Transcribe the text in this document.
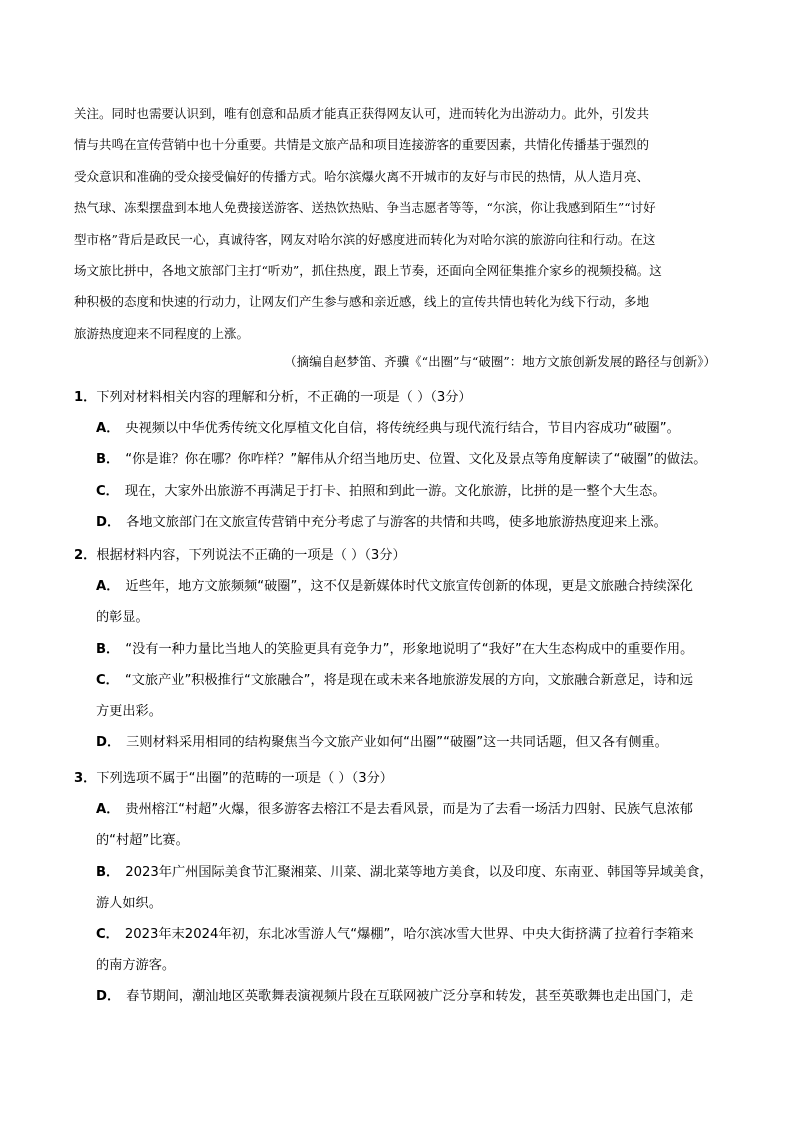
关注。同时也需要认识到，唯有创意和品质才能真正获得网友认可，进而转化为出游动力。此外，引发共
情与共鸣在宣传营销中也十分重要。共情是文旅产品和项目连接游客的重要因素，共情化传播基于强烈的
受众意识和准确的受众接受偏好的传播方式。哈尔滨爆火离不开城市的友好与市民的热情，从人造月亮、
热气球、冻梨摆盘到本地人免费接送游客、送热饮热贴、争当志愿者等等，“尔滨，你让我感到陌生”“讨好
型市格”背后是政民一心，真诚待客，网友对哈尔滨的好感度进而转化为对哈尔滨的旅游向往和行动。在这
场文旅比拼中，各地文旅部门主打“听劝”，抓住热度，跟上节奏，还面向全网征集推介家乡的视频投稿。这
种积极的态度和快速的行动力，让网友们产生参与感和亲近感，线上的宣传共情也转化为线下行动，多地
旅游热度迎来不同程度的上涨。
（摘编自赵梦笛、齐骥《“出圈”与“破圈”：地方文旅创新发展的路径与创新》）
1．下列对材料相关内容的理解和分析，不正确的一项是（ ）（3分）
A． 央视频以中华优秀传统文化厚植文化自信，将传统经典与现代流行结合，节目内容成功“破圈”。
B． “你是谁？你在哪？你咋样？”解伟从介绍当地历史、位置、文化及景点等角度解读了“破圈”的做法。
C． 现在，大家外出旅游不再满足于打卡、拍照和到此一游。文化旅游，比拼的是一整个大生态。
D． 各地文旅部门在文旅宣传营销中充分考虑了与游客的共情和共鸣，使多地旅游热度迎来上涨。
2．根据材料内容，下列说法不正确的一项是（ ）（3分）
A． 近些年，地方文旅频频“破圈”，这不仅是新媒体时代文旅宣传创新的体现，更是文旅融合持续深化
的彰显。
B． “没有一种力量比当地人的笑脸更具有竞争力”，形象地说明了“我好”在大生态构成中的重要作用。
C． “文旅产业”积极推行“文旅融合”，将是现在或未来各地旅游发展的方向，文旅融合新意足，诗和远
方更出彩。
D． 三则材料采用相同的结构聚焦当今文旅产业如何“出圈”“破圈”这一共同话题，但又各有侧重。
3．下列选项不属于“出圈”的范畴的一项是（ ）（3分）
A． 贵州榕江“村超”火爆，很多游客去榕江不是去看风景，而是为了去看一场活力四射、民族气息浓郁
的“村超”比赛。
B． 2023年广州国际美食节汇聚湘菜、川菜、湖北菜等地方美食，以及印度、东南亚、韩国等异域美食，
游人如织。
C． 2023年末2024年初，东北冰雪游人气“爆棚”，哈尔滨冰雪大世界、中央大街挤满了拉着行李箱来
的南方游客。
D． 春节期间，潮汕地区英歌舞表演视频片段在互联网被广泛分享和转发，甚至英歌舞也走出国门，走
